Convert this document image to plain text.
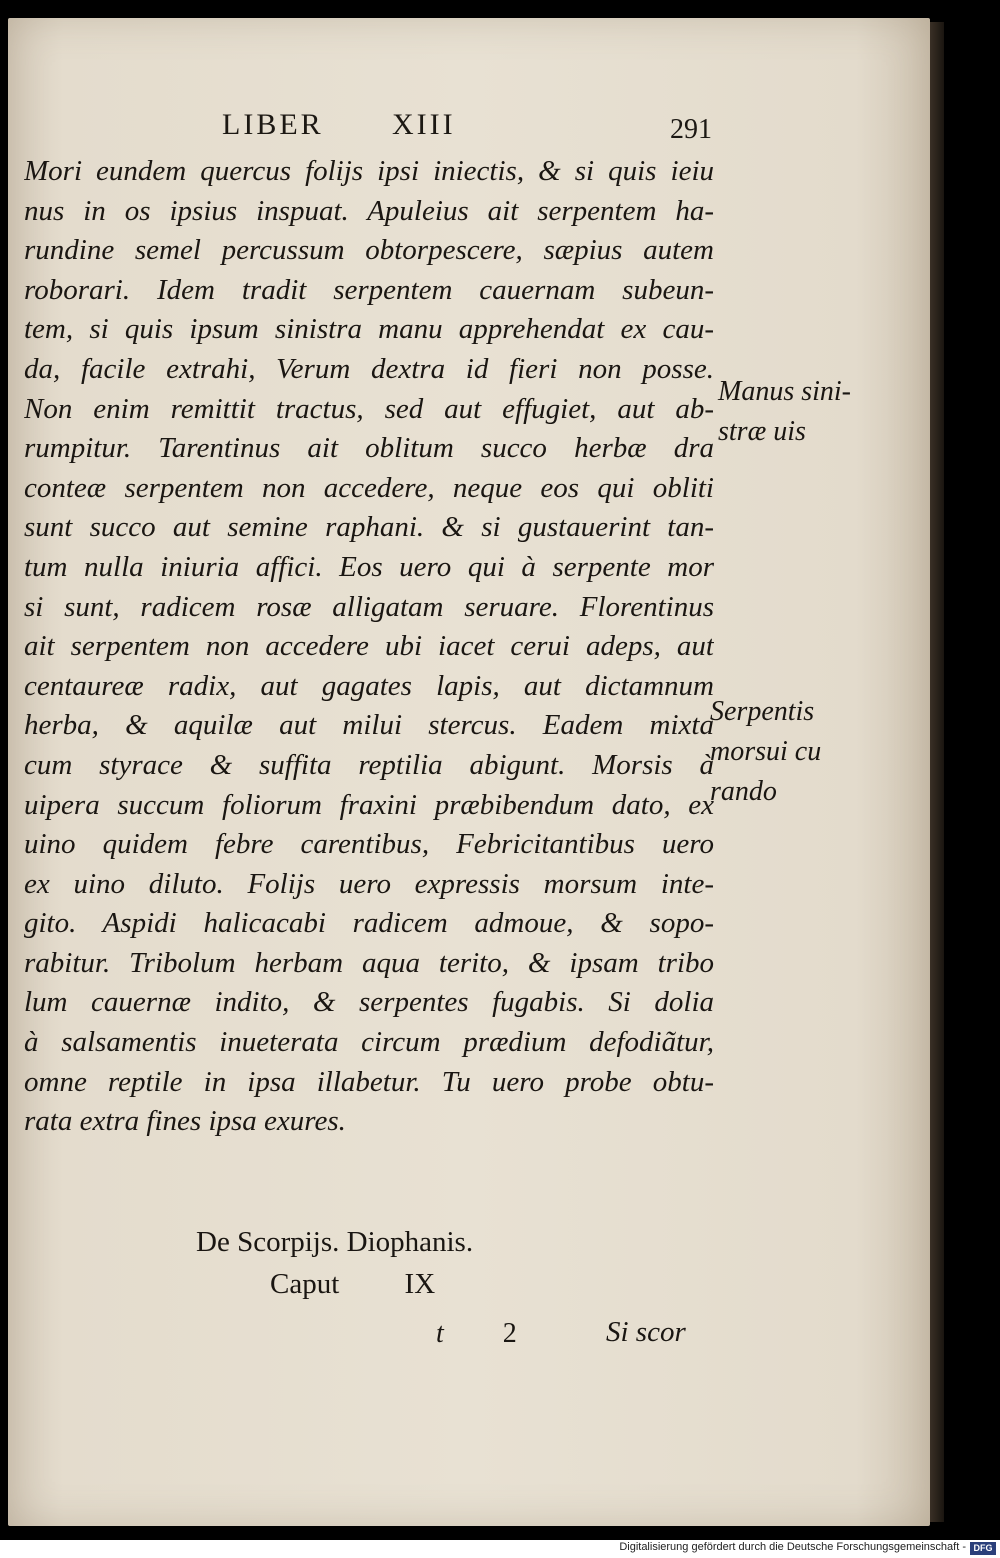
LIBER XIII	291
Mori eundem quercus folijs ipsi iniectis, & si quis ieiu
nus in os ipsius inspuat. Apuleius ait serpentem ha-
rundine semel percussum obtorpescere, sæpius autem
roborari. Idem tradit serpentem cauernam subeun-
tem, si quis ipsum sinistra manu apprehendat ex cau-
da, facile extrahi, Verum dextra id fieri non posse.
Non enim remittit tractus, sed aut effugiet, aut ab-
rumpitur. Tarentinus ait oblitum succo herbæ dra
conteæ serpentem non accedere, neque eos qui obliti
sunt succo aut semine raphani. & si gustauerint tan-
tum nulla iniuria affici. Eos uero qui à serpente mor
si sunt, radicem rosæ alligatam seruare. Florentinus
ait serpentem non accedere ubi iacet cerui adeps, aut
centaureæ radix, aut gagates lapis, aut dictamnum
herba, & aquilæ aut milui stercus. Eadem mixta
cum styrace & suffita reptilia abigunt. Morsis à
uipera succum foliorum fraxini præbibendum dato, ex
uino quidem febre carentibus, Febricitantibus uero
ex uino diluto. Folijs uero expressis morsum inte-
gito. Aspidi halicacabi radicem admoue, & sopo-
rabitur. Tribolum herbam aqua terito, & ipsam tribo
lum cauernæ indito, & serpentes fugabis. Si dolia
à salsamentis inueterata circum prædium defodiãtur,
omne reptile in ipsa illabetur. Tu uero probe obtu-
rata extra fines ipsa exures.
Manus sini-
stræ uis
Serpentis
morsui cu
rando
De Scorpijs. Diophanis.
Caput IX
t 2	Si scor
Digitalisierung gefördert durch die Deutsche Forschungsgemeinschaft - DFG
